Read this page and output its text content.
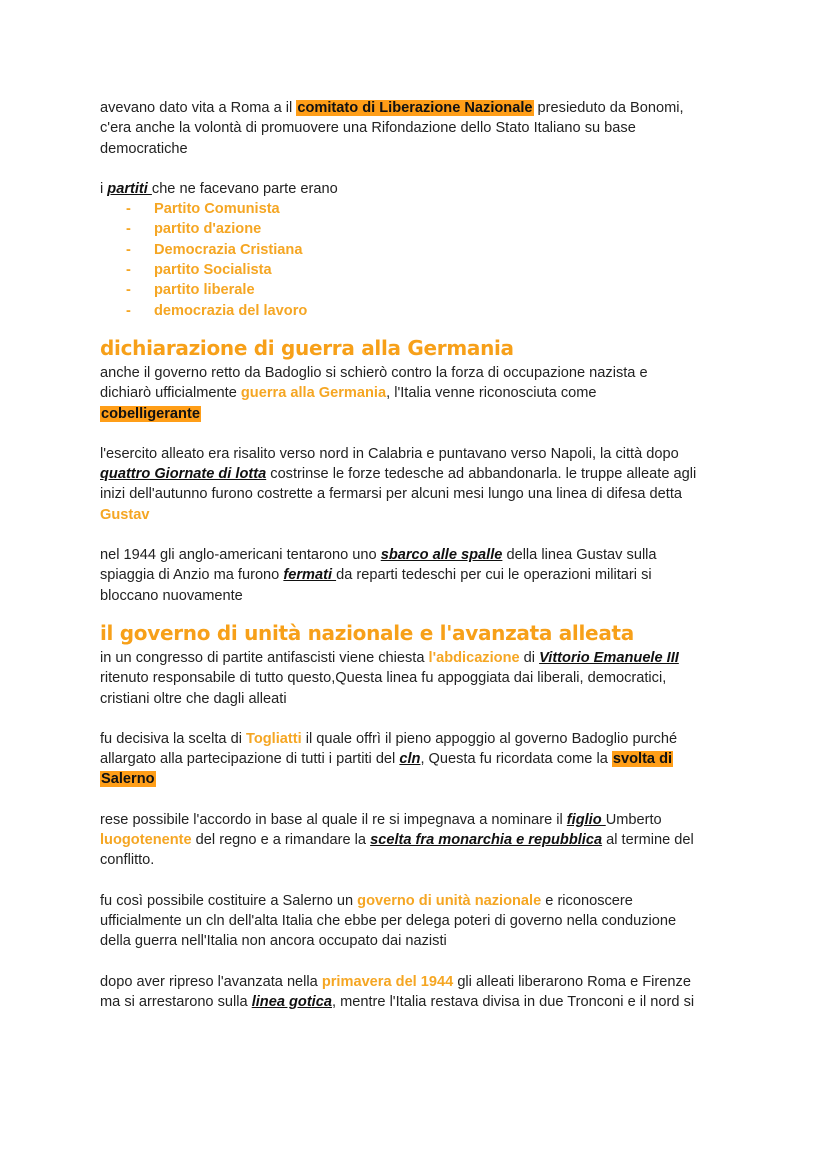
avevano dato vita a Roma a il comitato di Liberazione Nazionale presieduto da Bonomi,
c'era anche la volontà di promuovere una Rifondazione dello Stato Italiano su base
democratiche

i partiti che ne facevano parte erano

- Partito Comunista
- partito d'azione
- Democrazia Cristiana
- partito Socialista
- partito liberale
- democrazia del lavoro
dichiarazione di guerra alla Germania

anche il governo retto da Badoglio si schierò contro la forza di occupazione nazista e
dichiarò ufficialmente guerra alla Germania, l'Italia venne riconosciuta come
cobelligerante

l'esercito alleato era risalito verso nord in Calabria e puntavano verso Napoli, la città dopo
quattro Giornate di lotta costrinse le forze tedesche ad abbandonarla. le truppe alleate agli
inizi dell'autunno furono costrette a fermarsi per alcuni mesi lungo una linea di difesa detta
Gustav

nel 1944 gli anglo-americani tentarono uno sbarco alle spalle della linea Gustav sulla
spiaggia di Anzio ma furono fermati da reparti tedeschi per cui le operazioni militari si
bloccano nuovamente

il governo di unità nazionale e l'avanzata alleata

in un congresso di partite antifascisti viene chiesta l'abdicazione di Vittorio Emanuele III
ritenuto responsabile di tutto questo,Questa linea fu appoggiata dai liberali, democratici,
cristiani oltre che dagli alleati

fu decisiva la scelta di Togliatti il quale offrì il pieno appoggio al governo Badoglio purché
allargato alla partecipazione di tutti i partiti del cln, Questa fu ricordata come la svolta di
Salerno

rese possibile l'accordo in base al quale il re si impegnava a nominare il figlio Umberto
luogotenente del regno e a rimandare la scelta fra monarchia e repubblica al termine del
conflitto.

fu così possibile costituire a Salerno un governo di unità nazionale e riconoscere
ufficialmente un cln dell'alta Italia che ebbe per delega poteri di governo nella conduzione
della guerra nell'Italia non ancora occupato dai nazisti

dopo aver ripreso l'avanzata nella primavera del 1944 gli alleati liberarono Roma e Firenze
ma si arrestarono sulla linea gotica, mentre l'Italia restava divisa in due Tronconi e il nord si
